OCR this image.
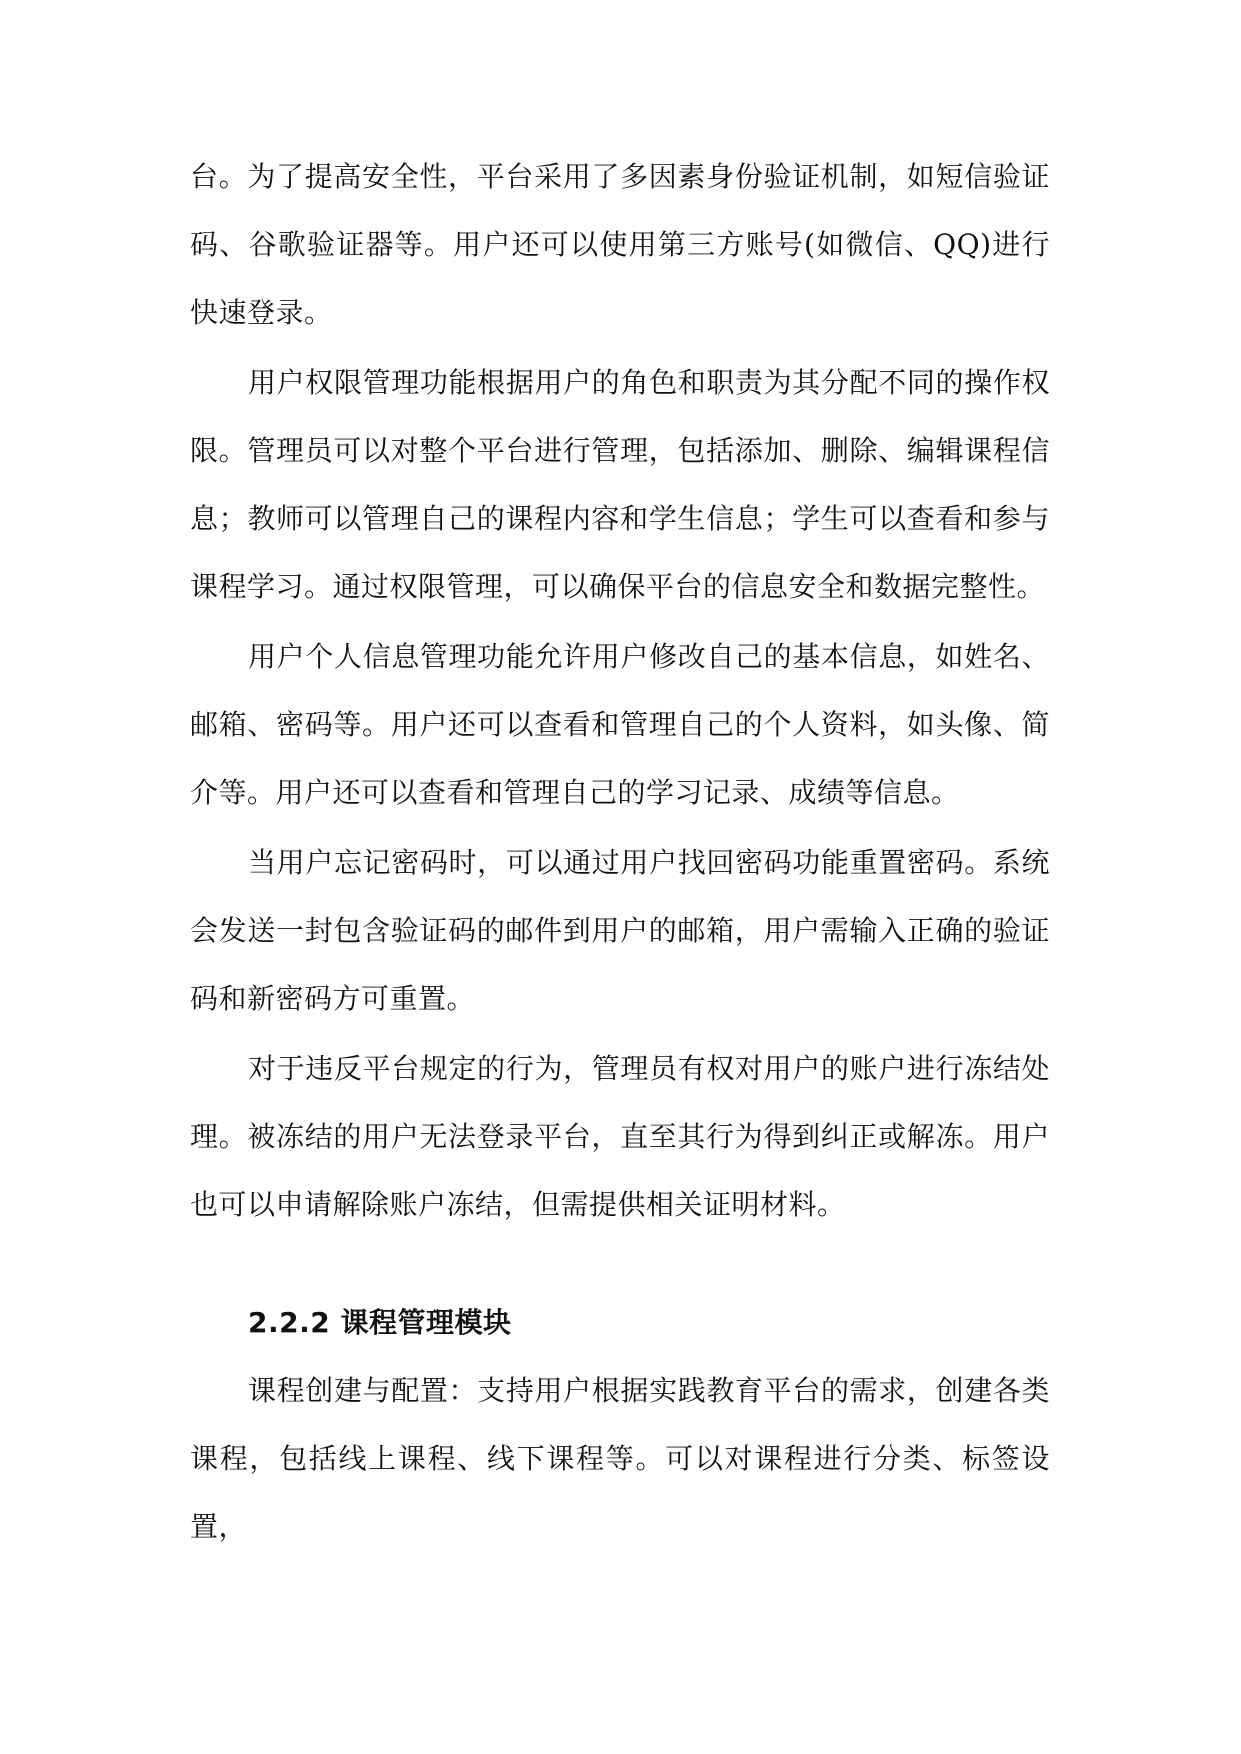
台。为了提高安全性，平台采用了多因素身份验证机制，如短信验证码、谷歌验证器等。用户还可以使用第三方账号(如微信、QQ)进行快速登录。

用户权限管理功能根据用户的角色和职责为其分配不同的操作权限。管理员可以对整个平台进行管理，包括添加、删除、编辑课程信息；教师可以管理自己的课程内容和学生信息；学生可以查看和参与课程学习。通过权限管理，可以确保平台的信息安全和数据完整性。

用户个人信息管理功能允许用户修改自己的基本信息，如姓名、邮箱、密码等。用户还可以查看和管理自己的个人资料，如头像、简介等。用户还可以查看和管理自己的学习记录、成绩等信息。

当用户忘记密码时，可以通过用户找回密码功能重置密码。系统会发送一封包含验证码的邮件到用户的邮箱，用户需输入正确的验证码和新密码方可重置。

对于违反平台规定的行为，管理员有权对用户的账户进行冻结处理。被冻结的用户无法登录平台，直至其行为得到纠正或解冻。用户也可以申请解除账户冻结，但需提供相关证明材料。

2.2.2 课程管理模块

课程创建与配置：支持用户根据实践教育平台的需求，创建各类课程，包括线上课程、线下课程等。可以对课程进行分类、标签设置，
